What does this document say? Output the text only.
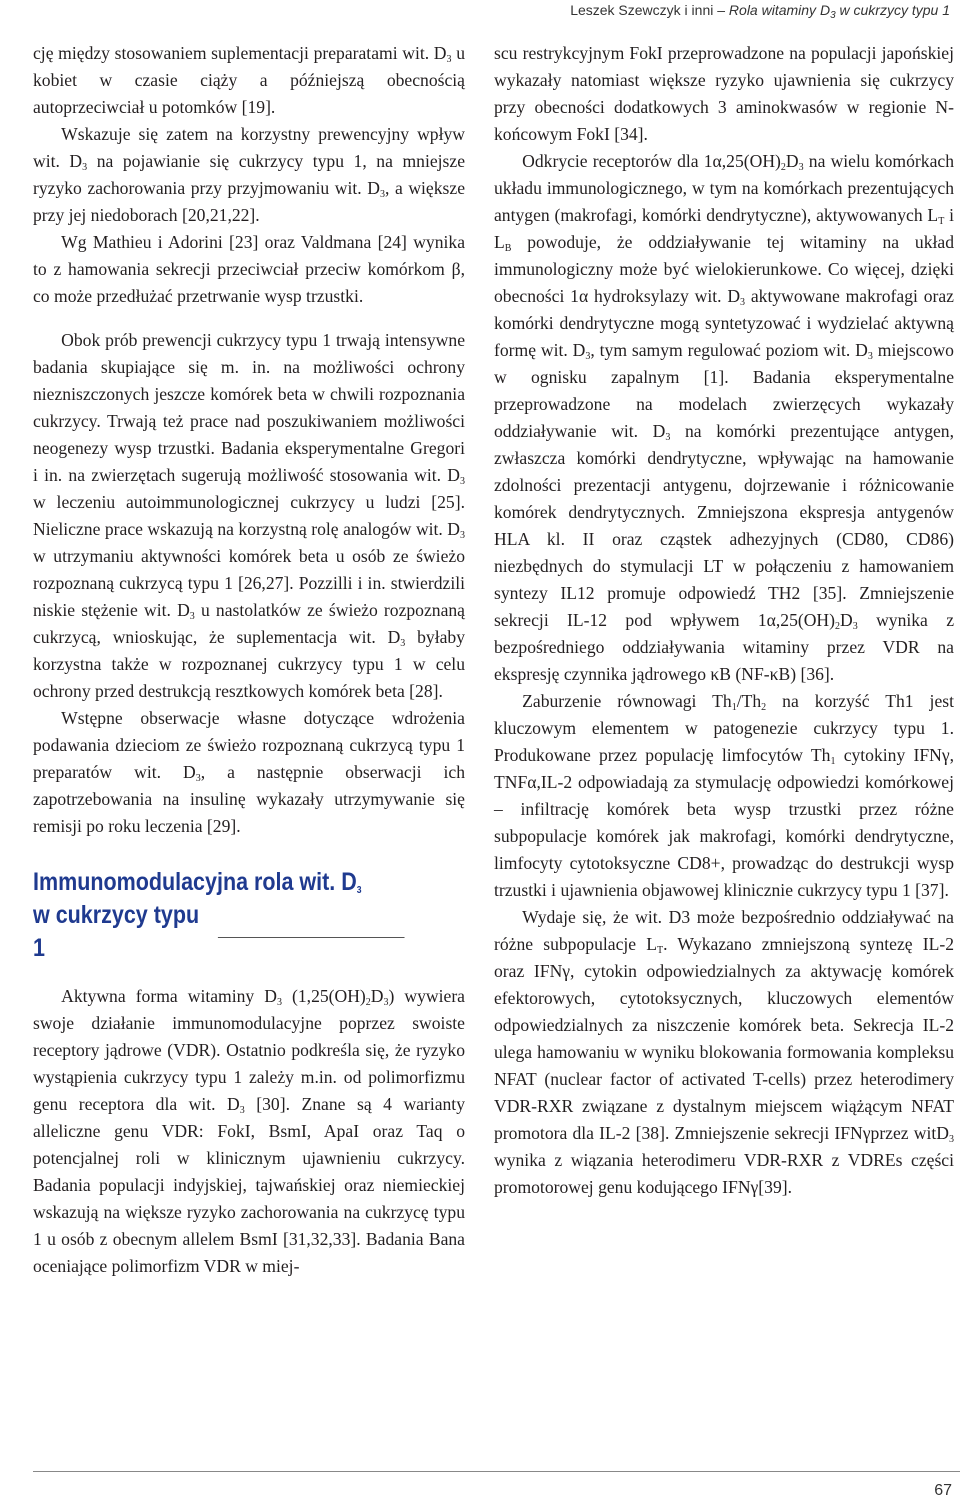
Leszek Szewczyk i inni – Rola witaminy $D_3$ w cukrzycy typu 1

cję między stosowaniem suplementacji preparatami wit. $D_3$ u kobiet w czasie ciąży a późniejszą obecnością autoprzeciwciał u potomków [19].

Wskazuje się zatem na korzystny prewencyjny wpływ wit. $D_3$ na pojawianie się cukrzycy typu 1, na mniejsze ryzyko zachorowania przy przyjmowaniu wit. $D_3$, a większe przy jej niedoborach [20,21,22].

Wg Mathieu i Adorini [23] oraz Valdmana [24] wynika to z hamowania sekrecji przeciwciał przeciw komórkom β, co może przedłużać przetrwanie wysp trzustki.

Obok prób prewencji cukrzycy typu 1 trwają intensywne badania skupiające się m. in. na możliwości ochrony niezniszczonych jeszcze komórek beta w chwili rozpoznania cukrzycy. Trwają też prace nad poszukiwaniem możliwości neogenezy wysp trzustki. Badania eksperymentalne Gregori i in. na zwierzętach sugerują możliwość stosowania wit. $D_3$ w leczeniu autoimmunologicznej cukrzycy u ludzi [25]. Nieliczne prace wskazują na korzystną rolę analogów wit. $D_3$ w utrzymaniu aktywności komórek beta u osób ze świeżo rozpoznaną cukrzycą typu 1 [26,27]. Pozzilli i in. stwierdzili niskie stężenie wit. $D_3$ u nastolatków ze świeżo rozpoznaną cukrzycą, wnioskując, że suplementacja wit. $D_3$ byłaby korzystna także w rozpoznanej cukrzycy typu 1 w celu ochrony przed destrukcją resztkowych komórek beta [28].

Wstępne obserwacje własne dotyczące wdrożenia podawania dzieciom ze świeżo rozpoznaną cukrzycą typu 1 preparatów wit. $D_3$, a następnie obserwacji ich zapotrzebowania na insulinę wykazały utrzymywanie się remisji po roku leczenia [29].

Immunomodulacyjna rola wit. $D_3$
w cukrzycy typu 1

Aktywna forma witaminy $D_3$ $(1,25(OH)_2D_3)$ wywiera swoje działanie immunomodulacyjne poprzez swoiste receptory jądrowe (VDR). Ostatnio podkreśla się, że ryzyko wystąpienia cukrzycy typu 1 zależy m.in. od polimorfizmu genu receptora dla wit. $D_3$ [30]. Znane są 4 warianty alleliczne genu VDR: FokI, BsmI, ApaI oraz Taq o potencjalnej roli w klinicznym ujawnieniu cukrzycy. Badania populacji indyjskiej, tajwańskiej oraz niemieckiej wskazują na większe ryzyko zachorowania na cukrzycę typu 1 u osób z obecnym allelem BsmI [31,32,33]. Badania Bana oceniające polimorfizm VDR w miej-

scu restrykcyjnym FokI przeprowadzone na populacji japońskiej wykazały natomiast większe ryzyko ujawnienia się cukrzycy przy obecności dodatkowych 3 aminokwasów w regionie N-końcowym FokI [34].

Odkrycie receptorów dla $1\alpha,25(OH)_2D_3$ na wielu komórkach układu immunologicznego, w tym na komórkach prezentujących antygen (makrofagi, komórki dendrytyczne), aktywowanych $L_T$ i $L_B$ powoduje, że oddziaływanie tej witaminy na układ immunologiczny może być wielokierunkowe. Co więcej, dzięki obecności 1α hydroksylazy wit. $D_3$ aktywowane makrofagi oraz komórki dendrytyczne mogą syntetyzować i wydzielać aktywną formę wit. $D_3$, tym samym regulować poziom wit. $D_3$ miejscowo w ognisku zapalnym [1]. Badania eksperymentalne przeprowadzone na modelach zwierzęcych wykazały oddziaływanie wit. $D_3$ na komórki prezentujące antygen, zwłaszcza komórki dendrytyczne, wpływając na hamowanie zdolności prezentacji antygenu, dojrzewanie i różnicowanie komórek dendrytycznych. Zmniejszona ekspresja antygenów HLA kl. II oraz cząstek adhezyjnych (CD80, CD86) niezbędnych do stymulacji LT w połączeniu z hamowaniem syntezy IL12 promuje odpowiedź TH2 [35]. Zmniejszenie sekrecji IL-12 pod wpływem $1\alpha,25(OH)_2D_3$ wynika z bezpośredniego oddziaływania witaminy przez VDR na ekspresję czynnika jądrowego κB (NF-κB) [36].

Zaburzenie równowagi $Th_1/Th_2$ na korzyść Th1 jest kluczowym elementem w patogenezie cukrzycy typu 1. Produkowane przez populację limfocytów $Th_1$ cytokiny IFNγ, TNFα,IL-2 odpowiadają za stymulację odpowiedzi komórkowej – infiltrację komórek beta wysp trzustki przez różne subpopulacje komórek jak makrofagi, komórki dendrytyczne, limfocyty cytotoksyczne CD8+, prowadząc do destrukcji wysp trzustki i ujawnienia objawowej klinicznie cukrzycy typu 1 [37].

Wydaje się, że wit. D3 może bezpośrednio oddziaływać na różne subpopulacje $L_T$. Wykazano zmniejszoną syntezę IL-2 oraz IFNγ, cytokin odpowiedzialnych za aktywację komórek efektorowych, cytotoksycznych, kluczowych elementów odpowiedzialnych za niszczenie komórek beta. Sekrecja IL-2 ulega hamowaniu w wyniku blokowania formowania kompleksu NFAT (nuclear factor of activated T-cells) przez heterodimery VDR-RXR związane z dystalnym miejscem wiążącym NFAT promotora dla IL-2 [38]. Zmniejszenie sekrecji IFNγprzez witD$_3$ wynika z wiązania heterodimeru VDR-RXR z VDREs części promotorowej genu kodującego IFNγ[39].

67
